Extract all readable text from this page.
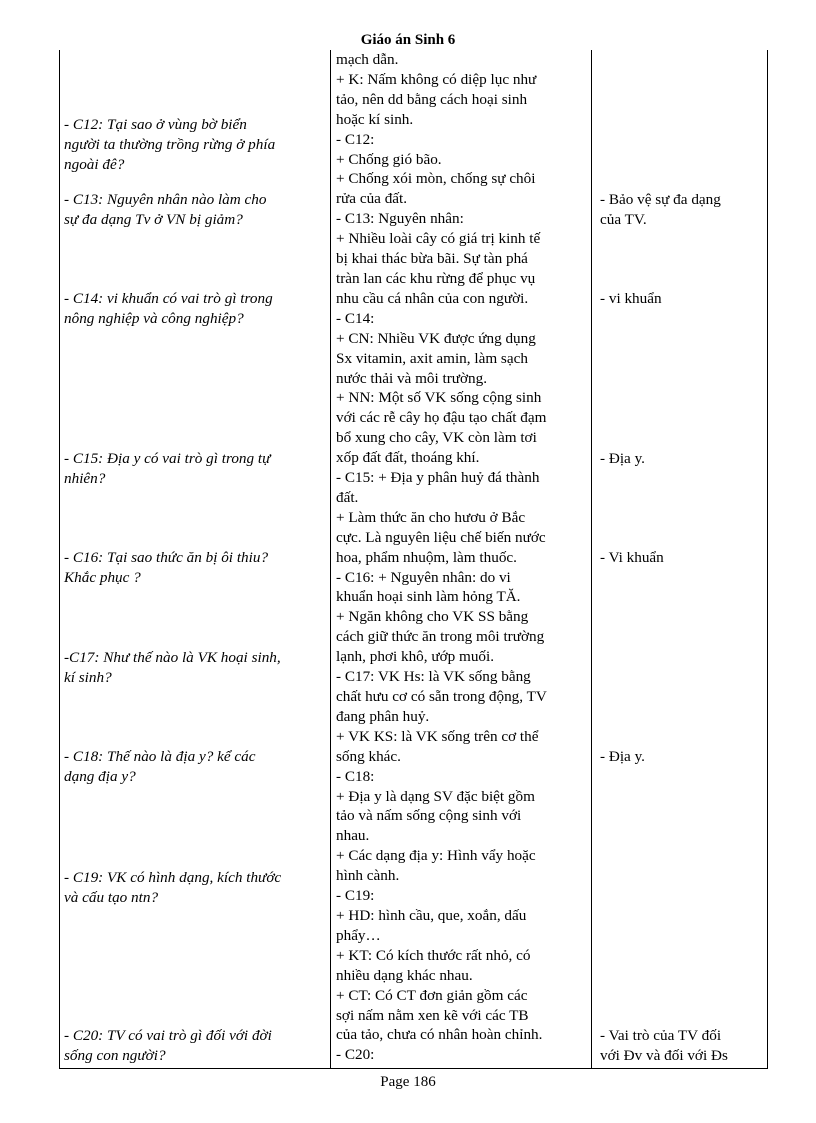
Giáo án Sinh 6
- C12: Tại sao ở vùng bờ biển
người ta thường trồng rừng ở phía
ngoài đê?
- C13: Nguyên nhân nào làm cho
sự đa dạng Tv ở VN bị giảm?
- C14: vi khuẩn có vai trò gì trong
nông nghiệp và công nghiệp?
- C15: Địa y có vai trò gì trong tự
nhiên?
- C16: Tại sao thức ăn bị ôi thiu?
Khắc phục ?
-C17: Như thế nào là VK hoại sinh,
kí sinh?
- C18: Thế nào là địa y? kể các
dạng địa y?
- C19: VK có hình dạng, kích thước
và cấu tạo ntn?
- C20: TV có vai trò gì đối với đời
sống con người?
mạch dẫn.
+ K: Nấm không có diệp lục như
tảo, nên dd bằng cách hoại sinh
hoặc kí sinh.
- C12:
+ Chống gió bão.
+ Chống xói mòn, chống sự chôi
rửa của đất.
- C13: Nguyên nhân:
+ Nhiều loài cây có giá trị kinh tế
bị khai thác bừa bãi. Sự tàn phá
tràn lan các khu rừng để phục vụ
nhu cầu cá nhân của con người.
- C14:
+ CN: Nhiều VK được ứng dụng
Sx vitamin, axit amin, làm sạch
nước thải và môi trường.
+ NN: Một số VK sống cộng sinh
với các rễ cây họ đậu tạo chất đạm
bổ xung cho cây, VK còn làm tơi
xốp đất đất, thoáng khí.
- C15: + Địa y phân huỷ đá thành
đất.
+ Làm thức ăn cho hươu ở Bắc
cực. Là nguyên liệu chế biến nước
hoa, phẩm nhuộm, làm thuốc.
- C16: + Nguyên nhân: do vi
khuẩn hoại sinh làm hỏng TĂ.
+ Ngăn không cho VK SS bằng
cách giữ thức ăn trong môi trường
lạnh, phơi khô, ướp muối.
- C17: VK Hs: là VK sống bằng
chất hưu cơ có sẵn trong động, TV
đang phân huỷ.
+ VK KS: là VK sống trên cơ thể
sống khác.
- C18:
+ Địa y là dạng SV đặc biệt gồm
tảo và nấm sống cộng sinh với
nhau.
+ Các dạng địa y: Hình vẩy hoặc
hình cành.
- C19:
+ HD: hình cầu, que, xoắn, dấu
phẩy…
+ KT: Có kích thước rất nhỏ, có
nhiều dạng khác nhau.
+ CT: Có CT đơn giản gồm các
sợi nấm nằm xen kẽ với các TB
của tảo, chưa có nhân hoàn chỉnh.
- C20:
- Bảo vệ sự đa dạng
của TV.
- vi khuẩn
- Địa y.
- Vi khuẩn
- Địa y.
- Vai trò của TV đối
với Đv và đối với Đs
Page 186
